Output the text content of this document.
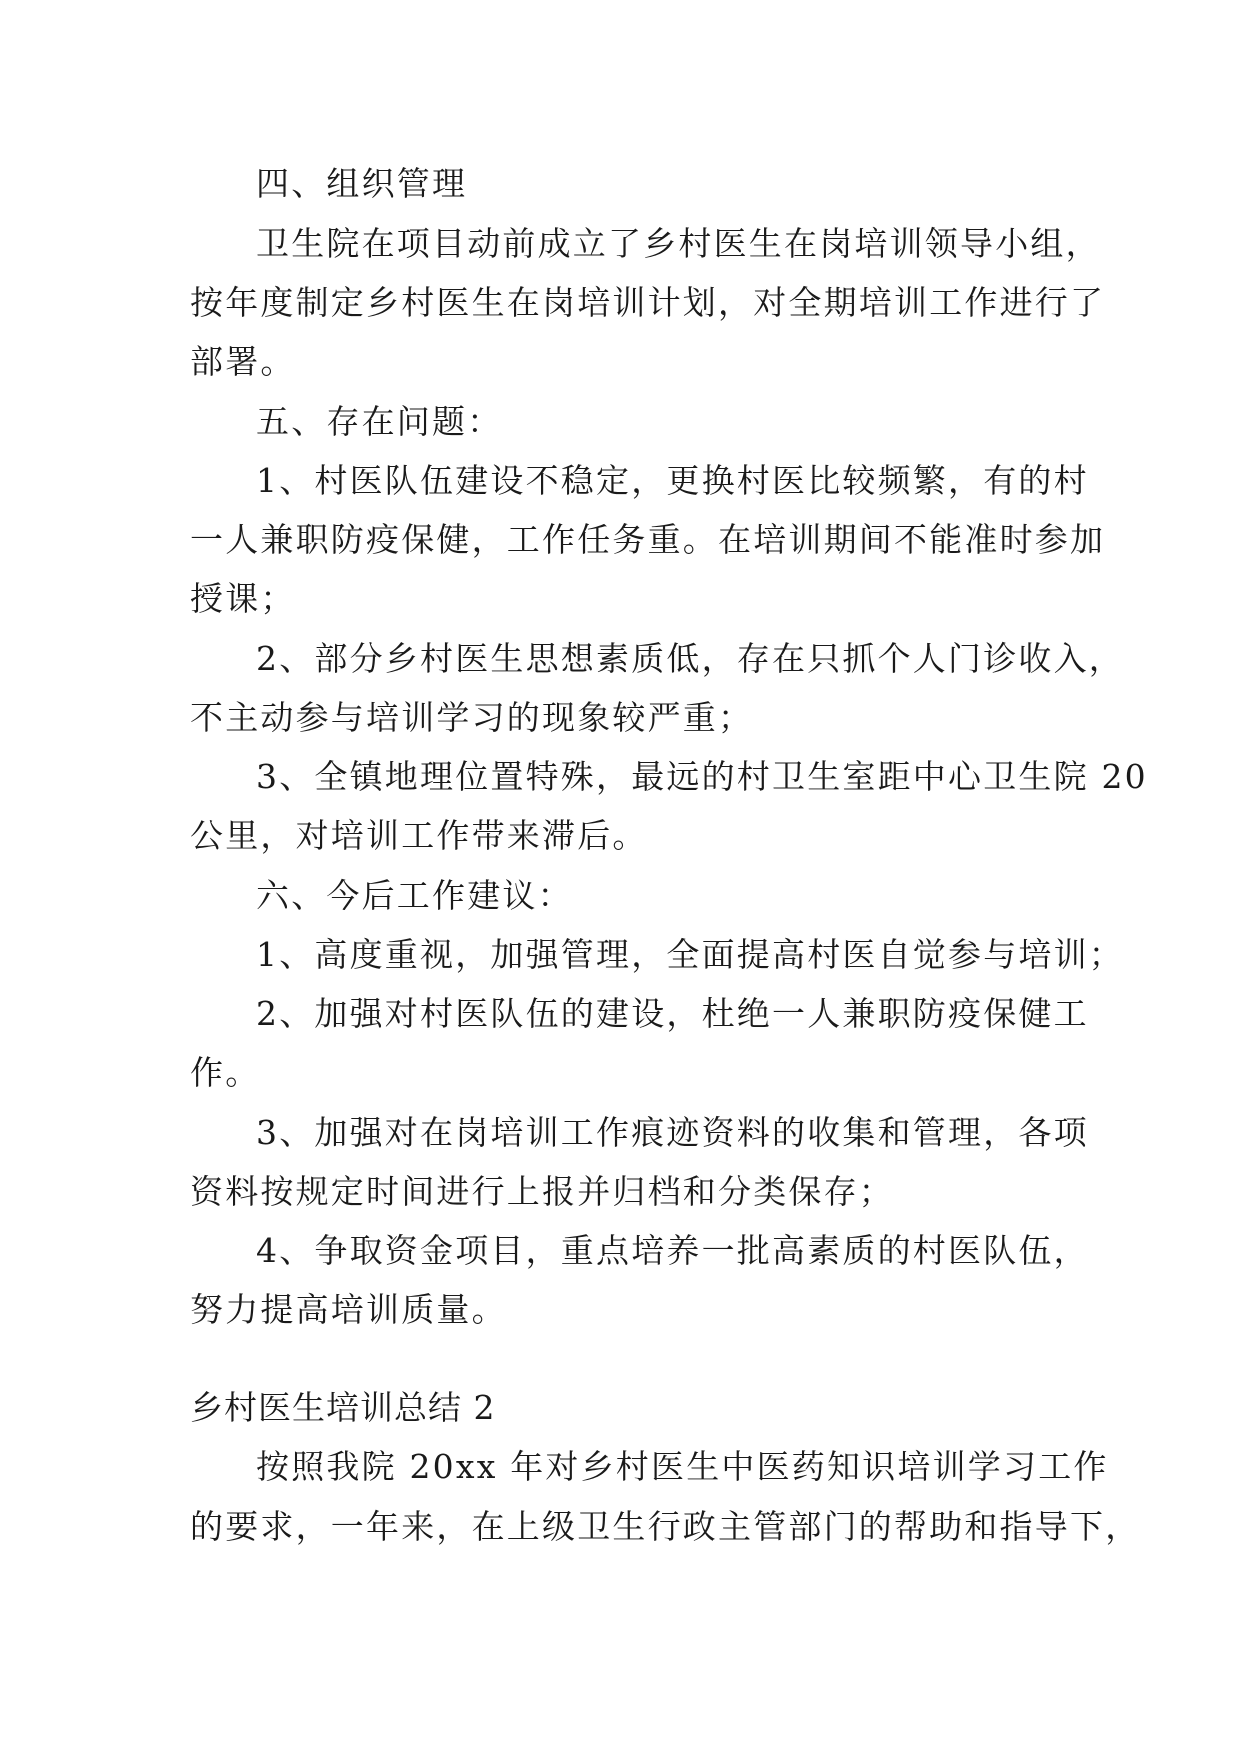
四、组织管理
卫生院在项目动前成立了乡村医生在岗培训领导小组，
按年度制定乡村医生在岗培训计划，对全期培训工作进行了
部署。
五、存在问题：
1、村医队伍建设不稳定，更换村医比较频繁，有的村
一人兼职防疫保健，工作任务重。在培训期间不能准时参加
授课；
2、部分乡村医生思想素质低，存在只抓个人门诊收入，
不主动参与培训学习的现象较严重；
3、全镇地理位置特殊，最远的村卫生室距中心卫生院 20
公里，对培训工作带来滞后。
六、今后工作建议：
1、高度重视，加强管理，全面提高村医自觉参与培训；
2、加强对村医队伍的建设，杜绝一人兼职防疫保健工
作。
3、加强对在岗培训工作痕迹资料的收集和管理，各项
资料按规定时间进行上报并归档和分类保存；
4、争取资金项目，重点培养一批高素质的村医队伍，
努力提高培训质量。
乡村医生培训总结 2
按照我院 20xx 年对乡村医生中医药知识培训学习工作
的要求，一年来，在上级卫生行政主管部门的帮助和指导下，
